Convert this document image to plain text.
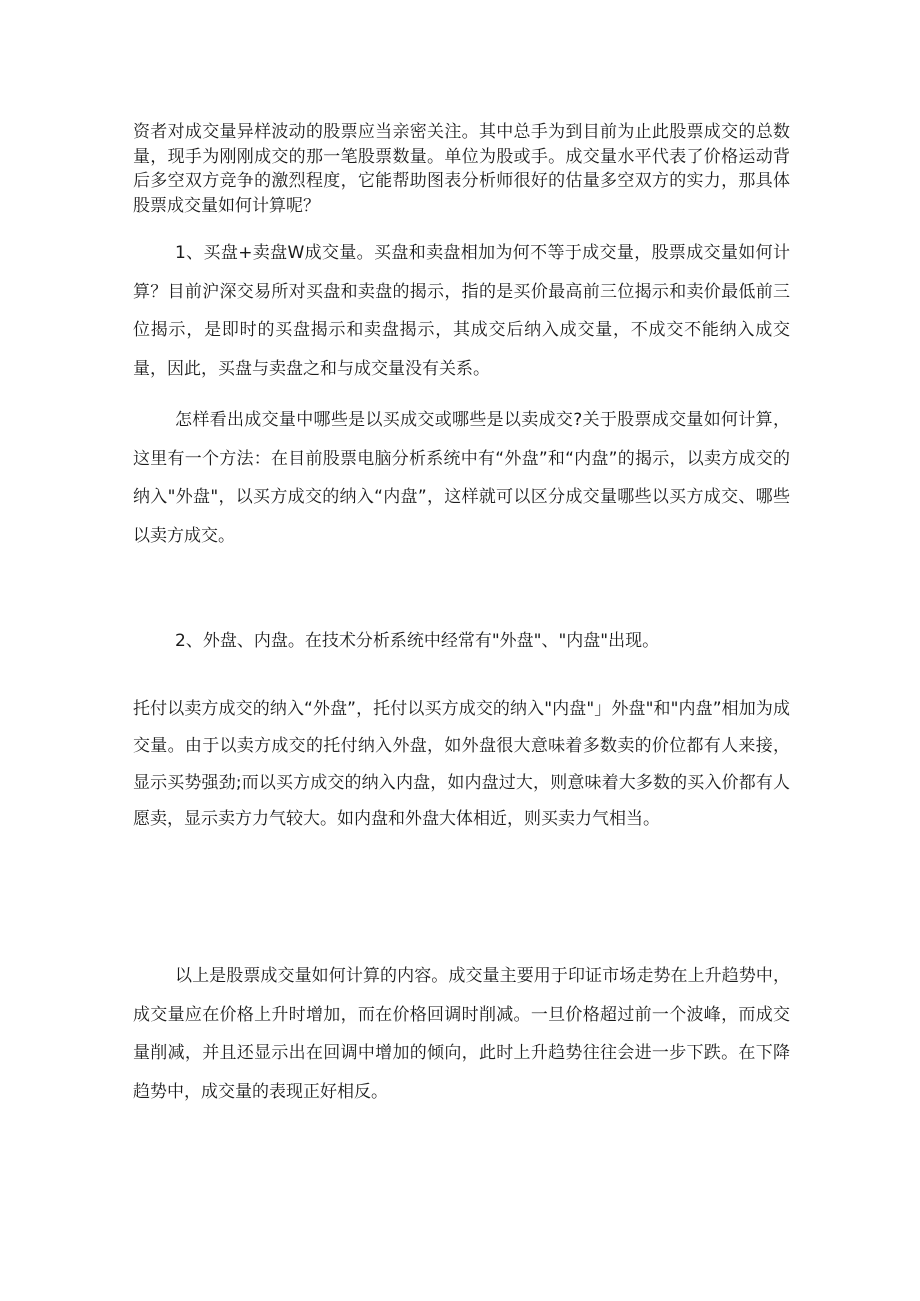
资者对成交量异样波动的股票应当亲密关注。其中总手为到目前为止此股票成交的总数量，现手为刚刚成交的那一笔股票数量。单位为股或手。成交量水平代表了价格运动背后多空双方竞争的激烈程度，它能帮助图表分析师很好的估量多空双方的实力，那具体股票成交量如何计算呢？

1、买盘+卖盘W成交量。买盘和卖盘相加为何不等于成交量，股票成交量如何计算？目前沪深交易所对买盘和卖盘的揭示，指的是买价最高前三位揭示和卖价最低前三位揭示，是即时的买盘揭示和卖盘揭示，其成交后纳入成交量，不成交不能纳入成交量，因此，买盘与卖盘之和与成交量没有关系。

怎样看出成交量中哪些是以买成交或哪些是以卖成交?关于股票成交量如何计算，这里有一个方法：在目前股票电脑分析系统中有“外盘”和“内盘”的揭示，以卖方成交的纳入"外盘"，以买方成交的纳入“内盘”，这样就可以区分成交量哪些以买方成交、哪些以卖方成交。

2、外盘、内盘。在技术分析系统中经常有"外盘"、"内盘"出现。

托付以卖方成交的纳入“外盘”，托付以买方成交的纳入"内盘"」外盘"和"内盘”相加为成交量。由于以卖方成交的托付纳入外盘，如外盘很大意味着多数卖的价位都有人来接，显示买势强劲;而以买方成交的纳入内盘，如内盘过大，则意味着大多数的买入价都有人愿卖，显示卖方力气较大。如内盘和外盘大体相近，则买卖力气相当。

以上是股票成交量如何计算的内容。成交量主要用于印证市场走势在上升趋势中，成交量应在价格上升时增加，而在价格回调时削减。一旦价格超过前一个波峰，而成交量削减，并且还显示出在回调中增加的倾向，此时上升趋势往往会进一步下跌。在下降趋势中，成交量的表现正好相反。
